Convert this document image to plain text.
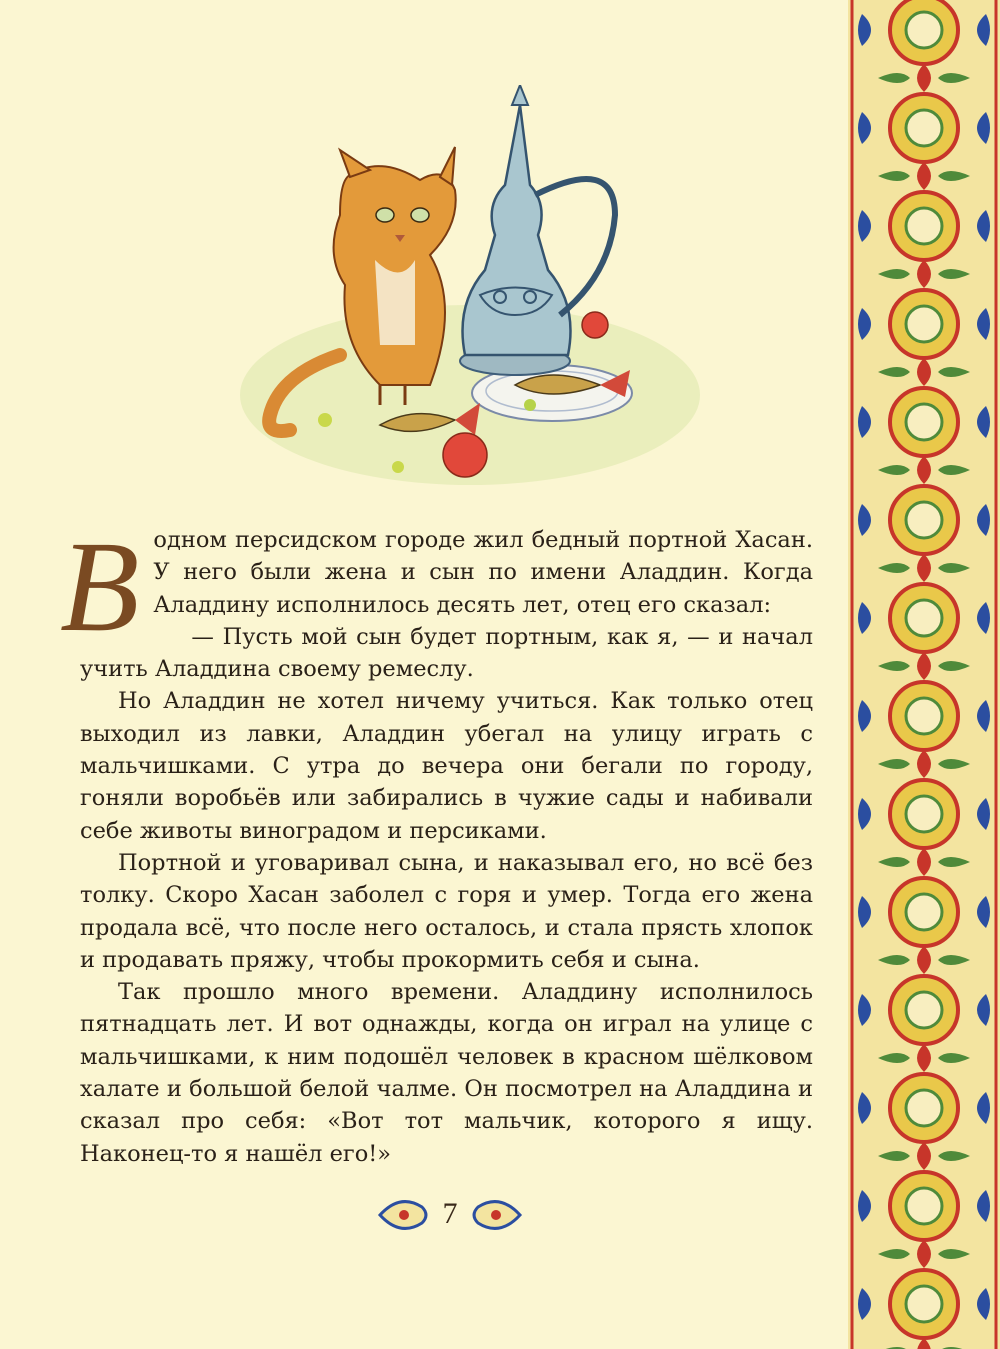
Водном персидском городе жил бедный портной Хасан. У него были жена и сын по имени Аладдин. Когда Аладдину исполнилось десять лет, отец его сказал:

— Пусть мой сын будет портным, как я, — и начал учить Аладдина своему ремеслу.

Но Аладдин не хотел ничему учиться. Как только отец выходил из лавки, Аладдин убегал на улицу играть с мальчишками. С утра до вечера они бегали по городу, гоняли воробьёв или забирались в чужие сады и набивали себе животы виноградом и персиками.

Портной и уговаривал сына, и наказывал его, но всё без толку. Скоро Хасан заболел с горя и умер. Тогда его жена продала всё, что после него осталось, и стала прясть хлопок и продавать пряжу, чтобы прокормить себя и сына.

Так прошло много времени. Аладдину исполнилось пятнадцать лет. И вот однажды, когда он играл на улице с мальчишками, к ним подошёл человек в красном шёлковом халате и большой белой чалме. Он посмотрел на Аладдина и сказал про себя: «Вот тот мальчик, которого я ищу. Наконец-то я нашёл его!»

7
